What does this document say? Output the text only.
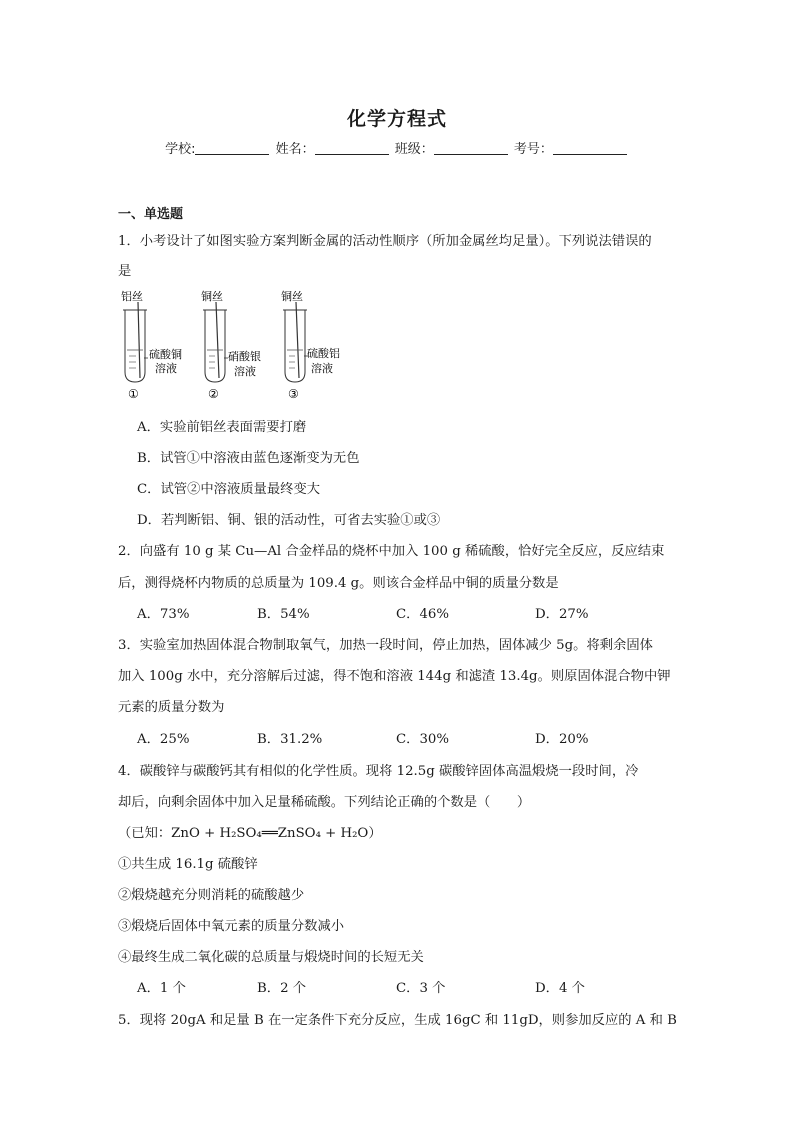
化学方程式
学校:	姓名：	班级：	考号：
一、单选题
1．小考设计了如图实验方案判断金属的活动性顺序（所加金属丝均足量）。下列说法错误的
是
铝丝
硫酸铜
溶液
①
铜丝
硝酸银
溶液
②
铜丝
硫酸铝
溶液
③
A．实验前铝丝表面需要打磨
B．试管①中溶液由蓝色逐渐变为无色
C．试管②中溶液质量最终变大
D．若判断铝、铜、银的活动性，可省去实验①或③
2．向盛有 10 g 某 Cu—Al 合金样品的烧杯中加入 100 g 稀硫酸，恰好完全反应，反应结束
后，测得烧杯内物质的总质量为 109.4 g。则该合金样品中铜的质量分数是
A．73%	B．54%	C．46%	D．27%
3．实验室加热固体混合物制取氧气，加热一段时间，停止加热，固体减少 5g。将剩余固体
加入 100g 水中，充分溶解后过滤，得不饱和溶液 144g 和滤渣 13.4g。则原固体混合物中钾
元素的质量分数为
A．25%	B．31.2%	C．30%	D．20%
4．碳酸锌与碳酸钙其有相似的化学性质。现将 12.5g 碳酸锌固体高温煅烧一段时间，冷
却后，向剩余固体中加入足量稀硫酸。下列结论正确的个数是（　　）
（已知：ZnO + H₂SO₄══ZnSO₄ + H₂O）
①共生成 16.1g 硫酸锌
②煅烧越充分则消耗的硫酸越少
③煅烧后固体中氧元素的质量分数减小
④最终生成二氧化碳的总质量与煅烧时间的长短无关
A．1 个	B．2 个	C．3 个	D．4 个
5．现将 20gA 和足量 B 在一定条件下充分反应，生成 16gC 和 11gD，则参加反应的 A 和 B
